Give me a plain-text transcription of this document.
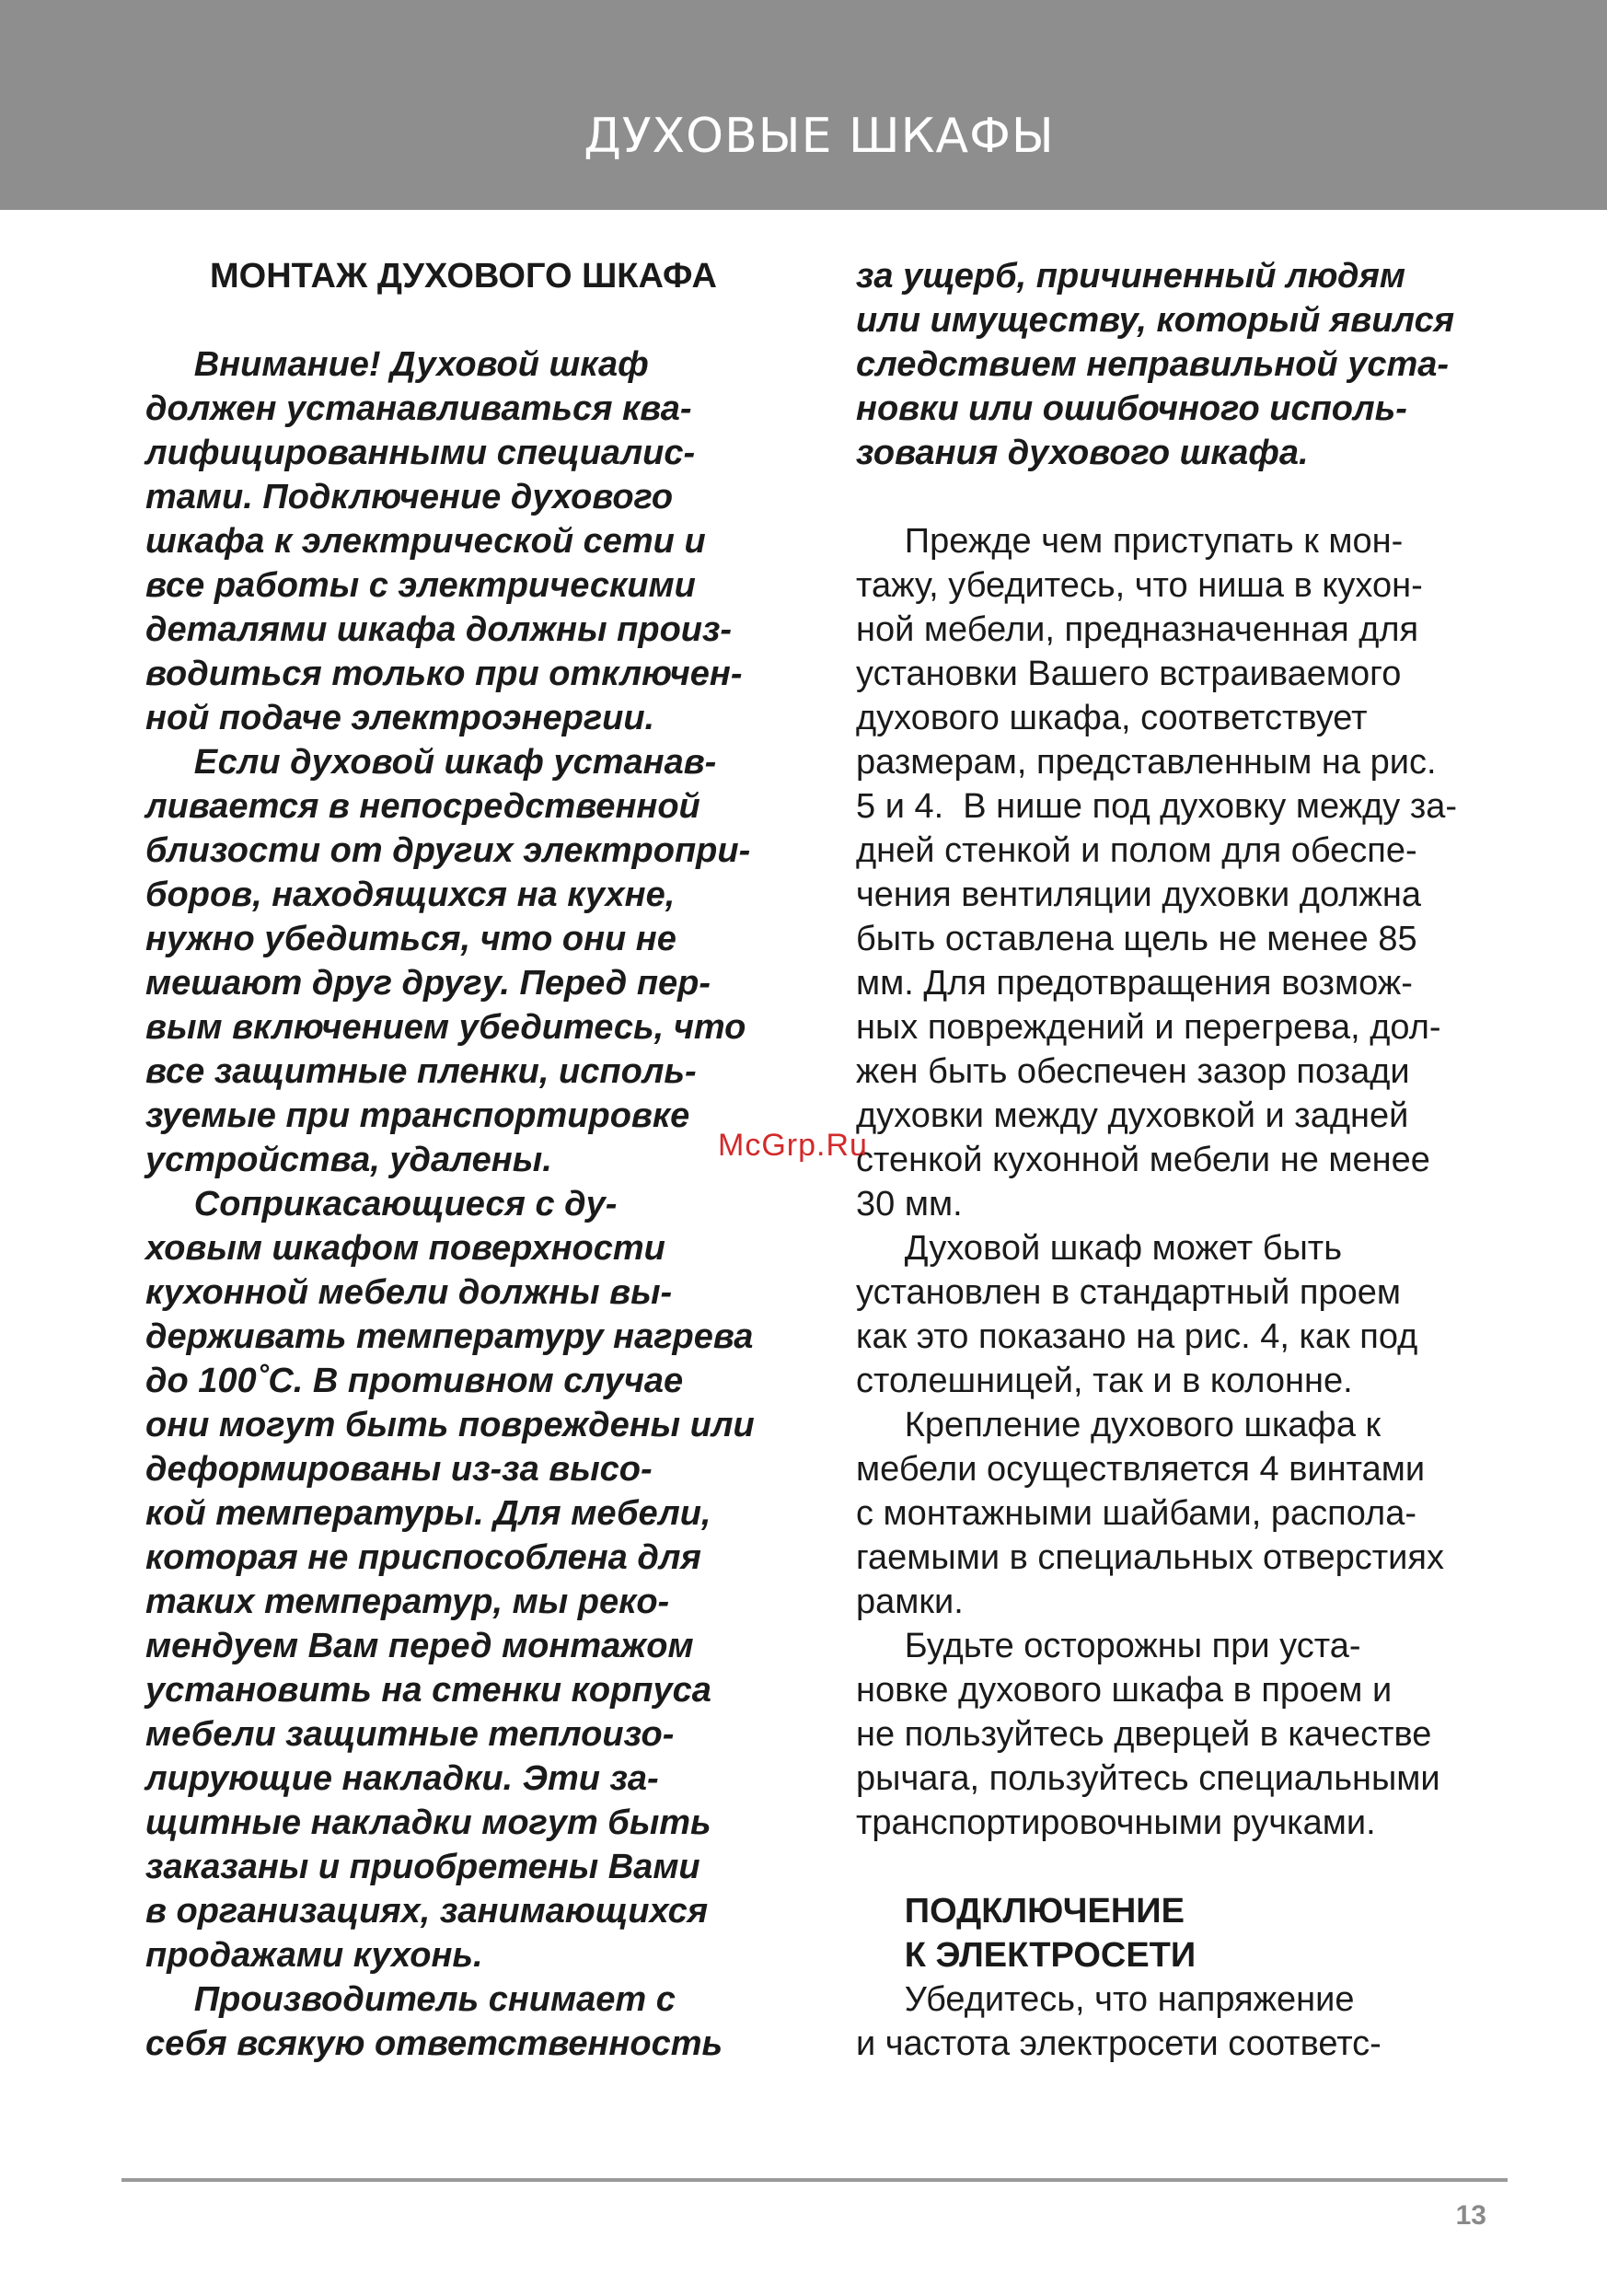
ДУХОВЫЕ ШКАФЫ
МОНТАЖ ДУХОВОГО ШКАФА
Внимание! Духовой шкаф
должен устанавливаться ква-
лифицированными специалис-
тами. Подключение духового
шкафа к электрической сети и
все работы с электрическими
деталями шкафа должны произ-
водиться только при отключен-
ной подаче электроэнергии.
Если духовой шкаф устанав-
ливается в непосредственной
близости от других электропри-
боров, находящихся на кухне,
нужно убедиться, что они не
мешают друг другу. Перед пер-
вым включением убедитесь, что
все защитные пленки, исполь-
зуемые при транспортировке
устройства, удалены.
Соприкасающиеся с ду-
ховым шкафом поверхности
кухонной мебели должны вы-
держивать температуру нагрева
до 100˚С. В противном случае
они могут быть повреждены или
деформированы из-за высо-
кой температуры. Для мебели,
которая не приспособлена для
таких температур, мы реко-
мендуем Вам перед монтажом
установить на стенки корпуса
мебели защитные теплоизо-
лирующие накладки. Эти за-
щитные накладки могут быть
заказаны и приобретены Вами
в организациях, занимающихся
продажами кухонь.
Производитель снимает с
себя всякую ответственность
за ущерб, причиненный людям
или имуществу, который явился
следствием неправильной уста-
новки или ошибочного исполь-
зования духового шкафа.
Прежде чем приступать к мон-
тажу, убедитесь, что ниша в кухон-
ной мебели, предназначенная для
установки Вашего встраиваемого
духового шкафа, соответствует
размерам, представленным на рис.
5 и 4.  В нише под духовку между за-
дней стенкой и полом для обеспе-
чения вентиляции духовки должна
быть оставлена щель не менее 85
мм. Для предотвращения возмож-
ных повреждений и перегрева, дол-
жен быть обеспечен зазор позади
духовки между духовкой и задней
стенкой кухонной мебели не менее
30 мм.
Духовой шкаф может быть
установлен в стандартный проем
как это показано на рис. 4, как под
столешницей, так и в колонне.
Крепление духового шкафа к
мебели осуществляется 4 винтами
с монтажными шайбами, распола-
гаемыми в специальных отверстиях
рамки.
Будьте осторожны при уста-
новке духового шкафа в проем и
не пользуйтесь дверцей в качестве
рычага, пользуйтесь специальными
транспортировочными ручками.
ПОДКЛЮЧЕНИЕ
К ЭЛЕКТРОСЕТИ
Убедитесь, что напряжение
и частота электросети соответс-
McGrp.Ru
13
